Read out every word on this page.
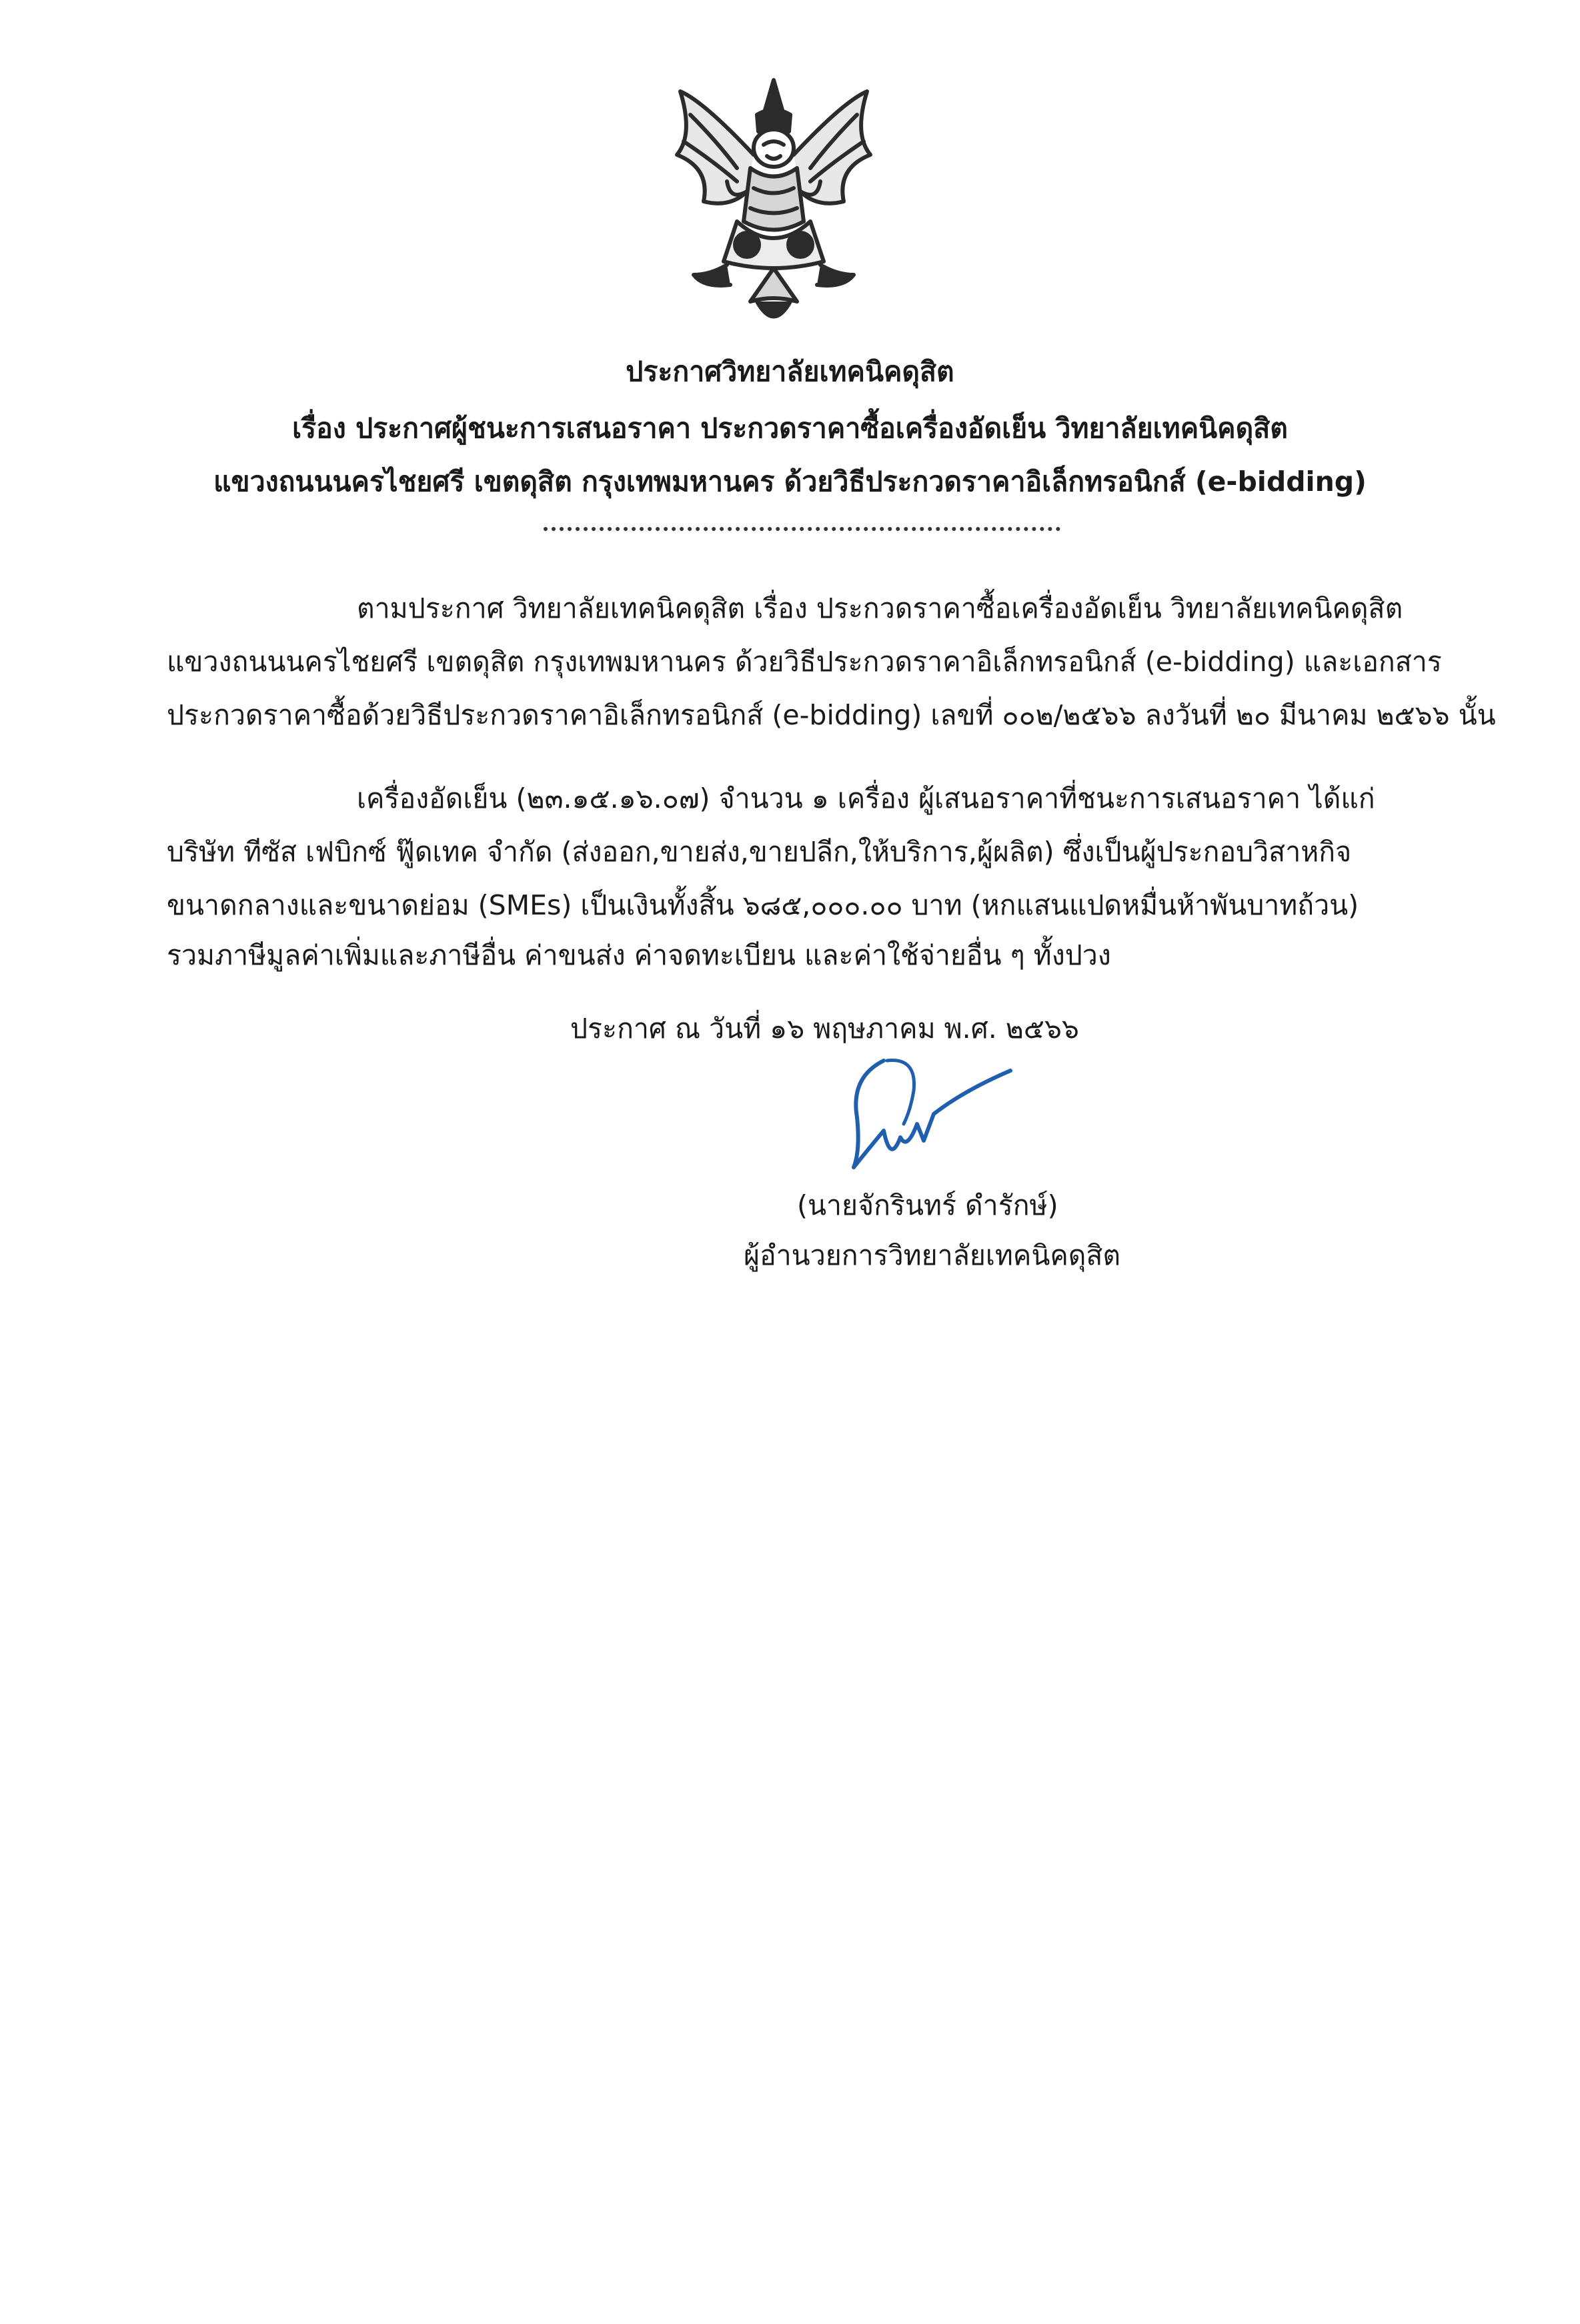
ประกาศวิทยาลัยเทคนิคดุสิต
เรื่อง ประกาศผู้ชนะการเสนอราคา ประกวดราคาซื้อเครื่องอัดเย็น วิทยาลัยเทคนิคดุสิต
แขวงถนนนครไชยศรี เขตดุสิต กรุงเทพมหานคร ด้วยวิธีประกวดราคาอิเล็กทรอนิกส์ (e-bidding)
ตามประกาศ วิทยาลัยเทคนิคดุสิต เรื่อง ประกวดราคาซื้อเครื่องอัดเย็น วิทยาลัยเทคนิคดุสิต
แขวงถนนนครไชยศรี เขตดุสิต กรุงเทพมหานคร ด้วยวิธีประกวดราคาอิเล็กทรอนิกส์ (e-bidding) และเอกสาร
ประกวดราคาซื้อด้วยวิธีประกวดราคาอิเล็กทรอนิกส์ (e-bidding) เลขที่ ๐๐๒/๒๕๖๖ ลงวันที่ ๒๐ มีนาคม ๒๕๖๖ นั้น
เครื่องอัดเย็น (๒๓.๑๕.๑๖.๐๗) จำนวน ๑ เครื่อง ผู้เสนอราคาที่ชนะการเสนอราคา ได้แก่
บริษัท ทีซัส เฟบิกซ์ ฟู๊ดเทค จำกัด (ส่งออก,ขายส่ง,ขายปลีก,ให้บริการ,ผู้ผลิต) ซึ่งเป็นผู้ประกอบวิสาหกิจ
ขนาดกลางและขนาดย่อม (SMEs) เป็นเงินทั้งสิ้น ๖๘๕,๐๐๐.๐๐ บาท (หกแสนแปดหมื่นห้าพันบาทถ้วน)
รวมภาษีมูลค่าเพิ่มและภาษีอื่น ค่าขนส่ง ค่าจดทะเบียน และค่าใช้จ่ายอื่น ๆ ทั้งปวง
ประกาศ ณ วันที่ ๑๖ พฤษภาคม พ.ศ. ๒๕๖๖
(นายจักรินทร์ ดำรักษ์)
ผู้อำนวยการวิทยาลัยเทคนิคดุสิต
